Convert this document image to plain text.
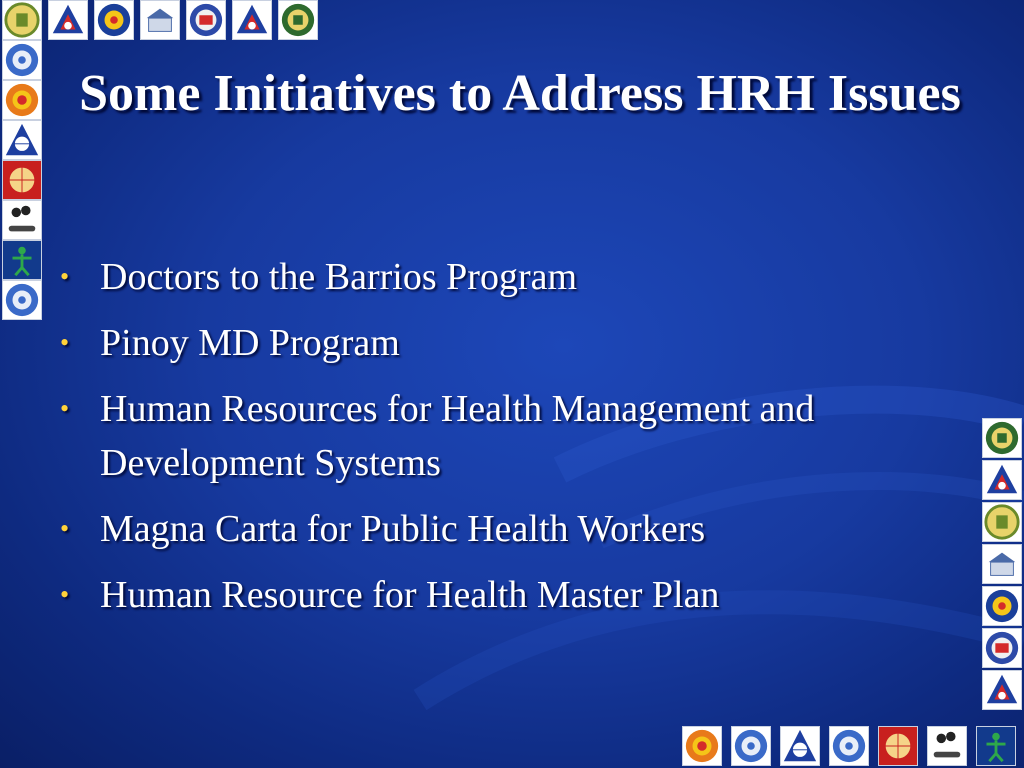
Some Initiatives to Address HRH Issues
• Doctors to the Barrios Program
• Pinoy MD Program
• Human Resources for Health Management and Development Systems
• Magna Carta for Public Health Workers
• Human Resource for Health Master Plan
